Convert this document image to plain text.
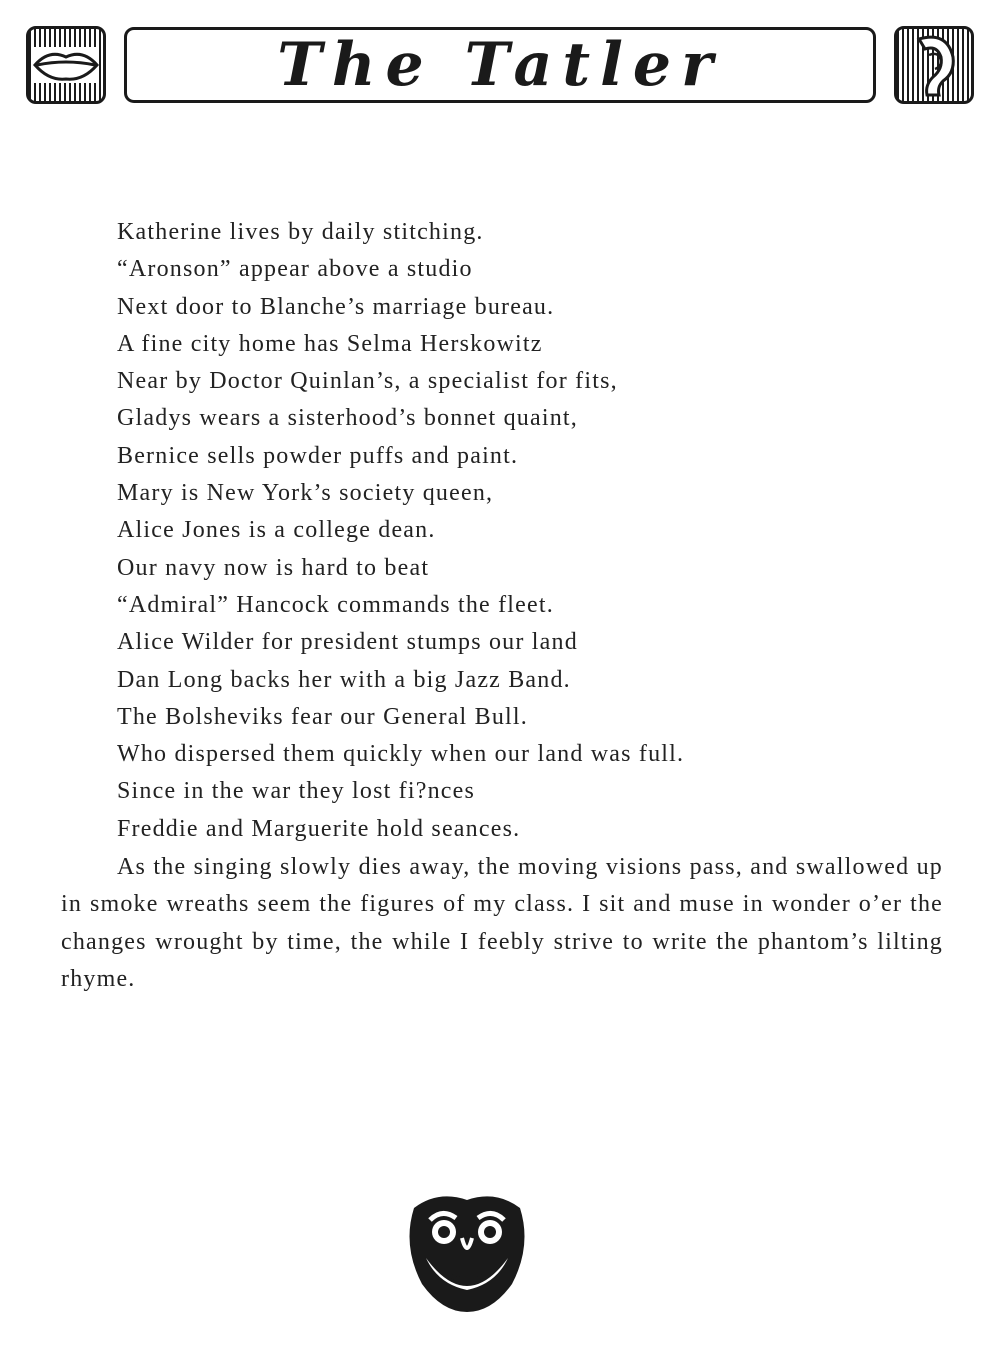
The Tatler
Katherine lives by daily stitching.
“Aronson” appear above a studio
Next door to Blanche’s marriage bureau.
A fine city home has Selma Herskowitz
Near by Doctor Quinlan’s, a specialist for fits,
Gladys wears a sisterhood’s bonnet quaint,
Bernice sells powder puffs and paint.
Mary is New York’s society queen,
Alice Jones is a college dean.
Our navy now is hard to beat
“Admiral” Hancock commands the fleet.
Alice Wilder for president stumps our land
Dan Long backs her with a big Jazz Band.
The Bolsheviks fear our General Bull.
Who dispersed them quickly when our land was full.
Since in the war they lost fi?nces
Freddie and Marguerite hold seances.

As the singing slowly dies away, the moving visions pass, and swallowed up in smoke wreaths seem the figures of my class. I sit and muse in wonder o’er the changes wrought by time, the while I feebly strive to write the phantom’s lilting rhyme.
